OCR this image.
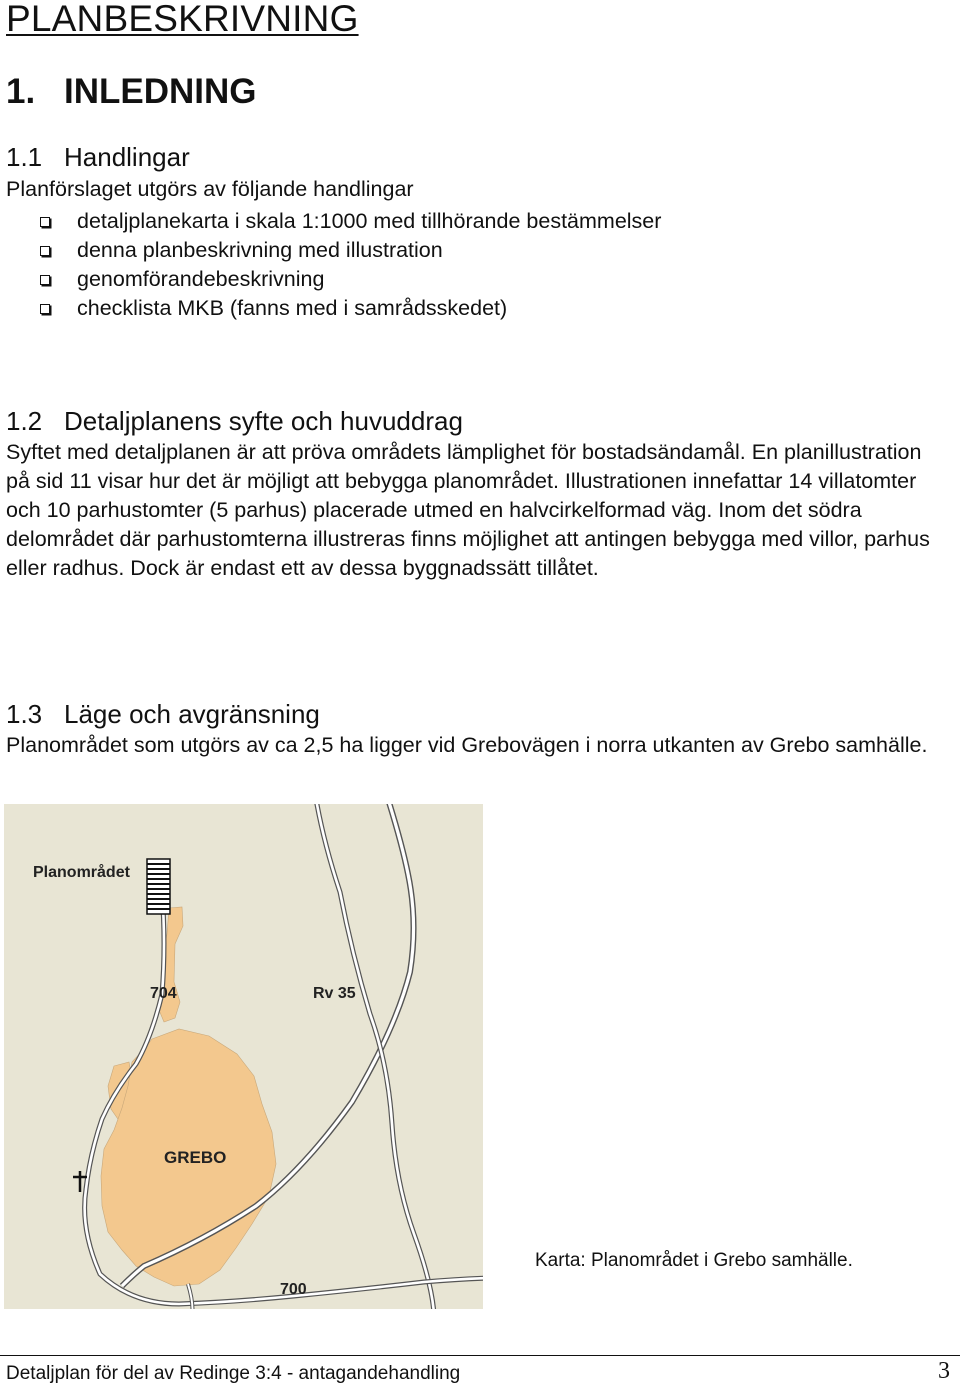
PLANBESKRIVNING
1. INLEDNING
1.1 Handlingar
Planförslaget utgörs av följande handlingar
detaljplanekarta i skala 1:1000 med tillhörande bestämmelser
denna planbeskrivning med illustration
genomförandebeskrivning
checklista MKB (fanns med i samrådsskedet)
1.2 Detaljplanens syfte och huvuddrag
Syftet med detaljplanen är att pröva områdets lämplighet för bostadsändamål. En planillustration på sid 11 visar hur det är möjligt att bebygga planområdet. Illustrationen innefattar 14 villatomter och 10 parhustomter (5 parhus) placerade utmed en halvcirkelformad väg. Inom det södra delområdet där parhustomterna illustreras finns möjlighet att antingen bebygga med villor, parhus eller radhus. Dock är endast ett av dessa byggnadssätt tillåtet.
1.3 Läge och avgränsning
Planområdet som utgörs av ca 2,5 ha ligger vid Grebovägen i norra utkanten av Grebo samhälle.
Planområdet
704	Rv 35
GREBO
700
Karta: Planområdet i Grebo samhälle.
Detaljplan för del av Redinge 3:4 - antagandehandling	3
